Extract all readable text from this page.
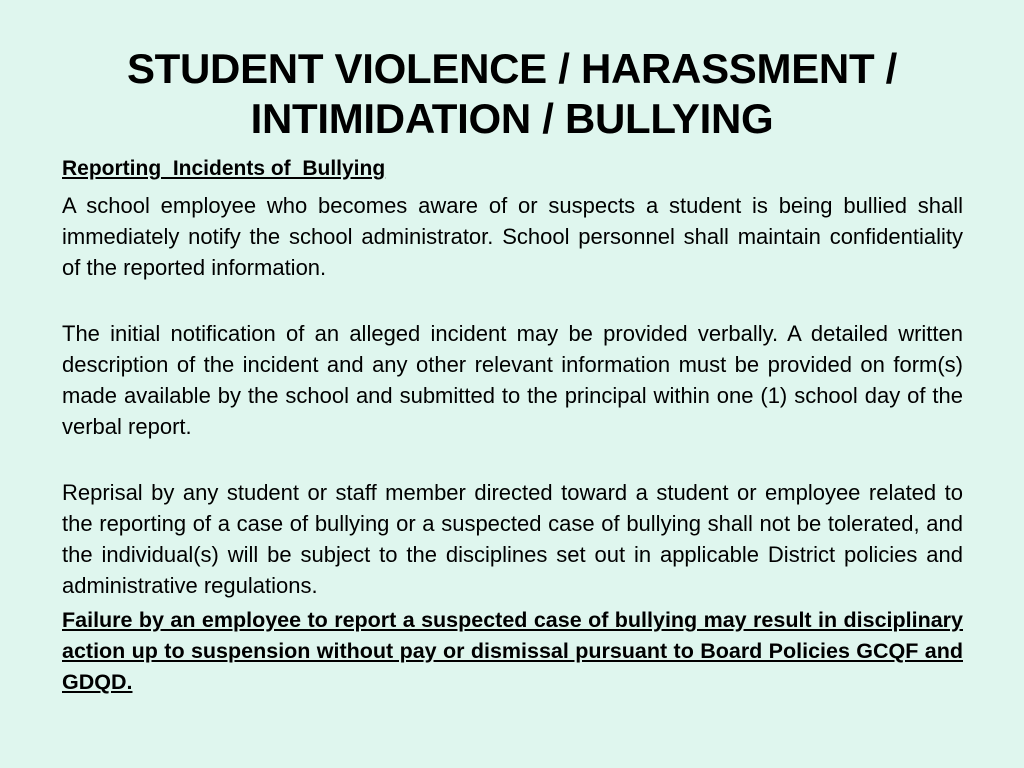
STUDENT VIOLENCE / HARASSMENT /
INTIMIDATION / BULLYING
Reporting  Incidents of  Bullying

A school employee who becomes aware of or suspects a student is being bullied shall immediately notify the school administrator. School personnel shall maintain confidentiality of the reported information.

The initial notification of an alleged incident may be provided verbally. A detailed written description of the incident and any other relevant information must be provided on form(s) made available by the school and submitted to the principal within one (1) school day of the verbal report.

Reprisal by any student or staff member directed toward a student or employee related to the reporting of a case of bullying or a suspected case of bullying shall not be tolerated, and the individual(s) will be subject to the disciplines set out in applicable District policies and administrative regulations.

Failure by an employee to report a suspected case of bullying may result in disciplinary action up to suspension without pay or dismissal pursuant to Board Policies GCQF and GDQD.
